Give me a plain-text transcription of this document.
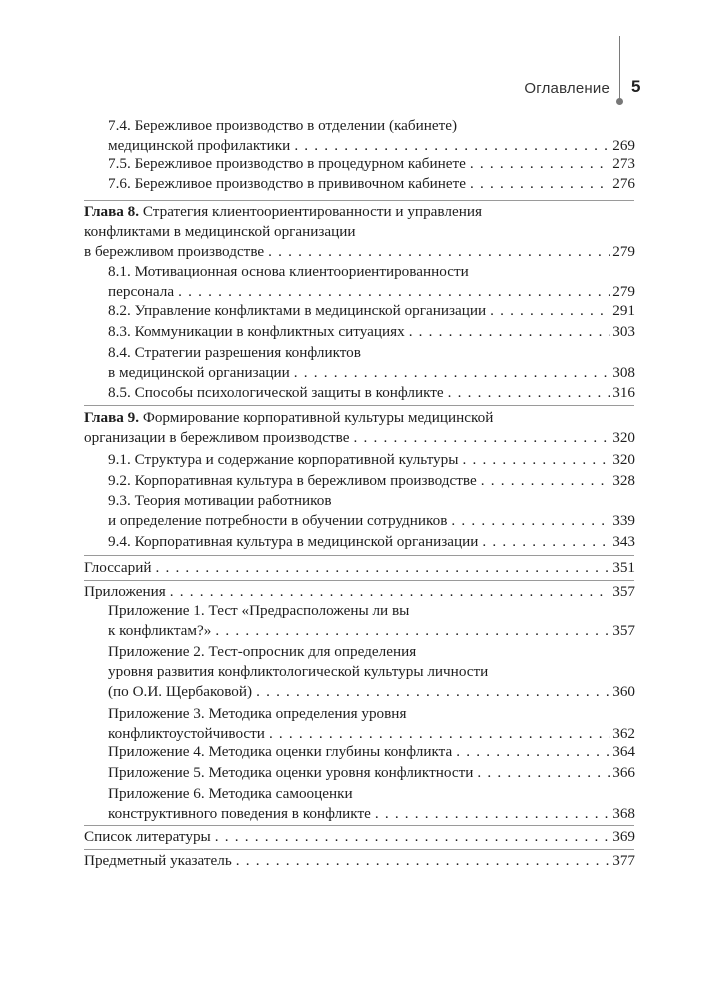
Оглавление 5
7.4. Бережливое производство в отделении (кабинете)
медицинской профилактики . . .	269
7.5. Бережливое производство в процедурном кабинете . . .	273
7.6. Бережливое производство в прививочном кабинете . . .	276
Глава 8.
Стратегия клиентоориентированности и управления
конфликтами в медицинской организации
в бережливом производстве . . .	279
8.1. Мотивационная основа клиентоориентированности
персонала . . .	279
8.2. Управление конфликтами в медицинской организации . . .	291
8.3. Коммуникации в конфликтных ситуациях . . .	303
8.4. Стратегии разрешения конфликтов
в медицинской организации . . .	308
8.5. Способы психологической защиты в конфликте . . .	316
Глава 9.
Формирование корпоративной культуры медицинской
организации в бережливом производстве . . .	320
9.1. Структура и содержание корпоративной культуры . . .	320
9.2. Корпоративная культура в бережливом производстве . . .	328
9.3. Теория мотивации работников
и определение потребности в обучении сотрудников . . .	339
9.4. Корпоративная культура в медицинской организации . . .	343
Глоссарий . . .	351
Приложения . . .	357
Приложение 1. Тест «Предрасположены ли вы
к конфликтам?» . . .	357
Приложение 2. Тест-опросник для определения
уровня развития конфликтологической культуры личности
(по О.И. Щербаковой) . . .	360
Приложение 3. Методика определения уровня
конфликтоустойчивости . . .	362
Приложение 4. Методика оценки глубины конфликта . . .	364
Приложение 5. Методика оценки уровня конфликтности . . .	366
Приложение 6. Методика самооценки
конструктивного поведения в конфликте . . .	368
Список литературы . . .	369
Предметный указатель . . .	377
